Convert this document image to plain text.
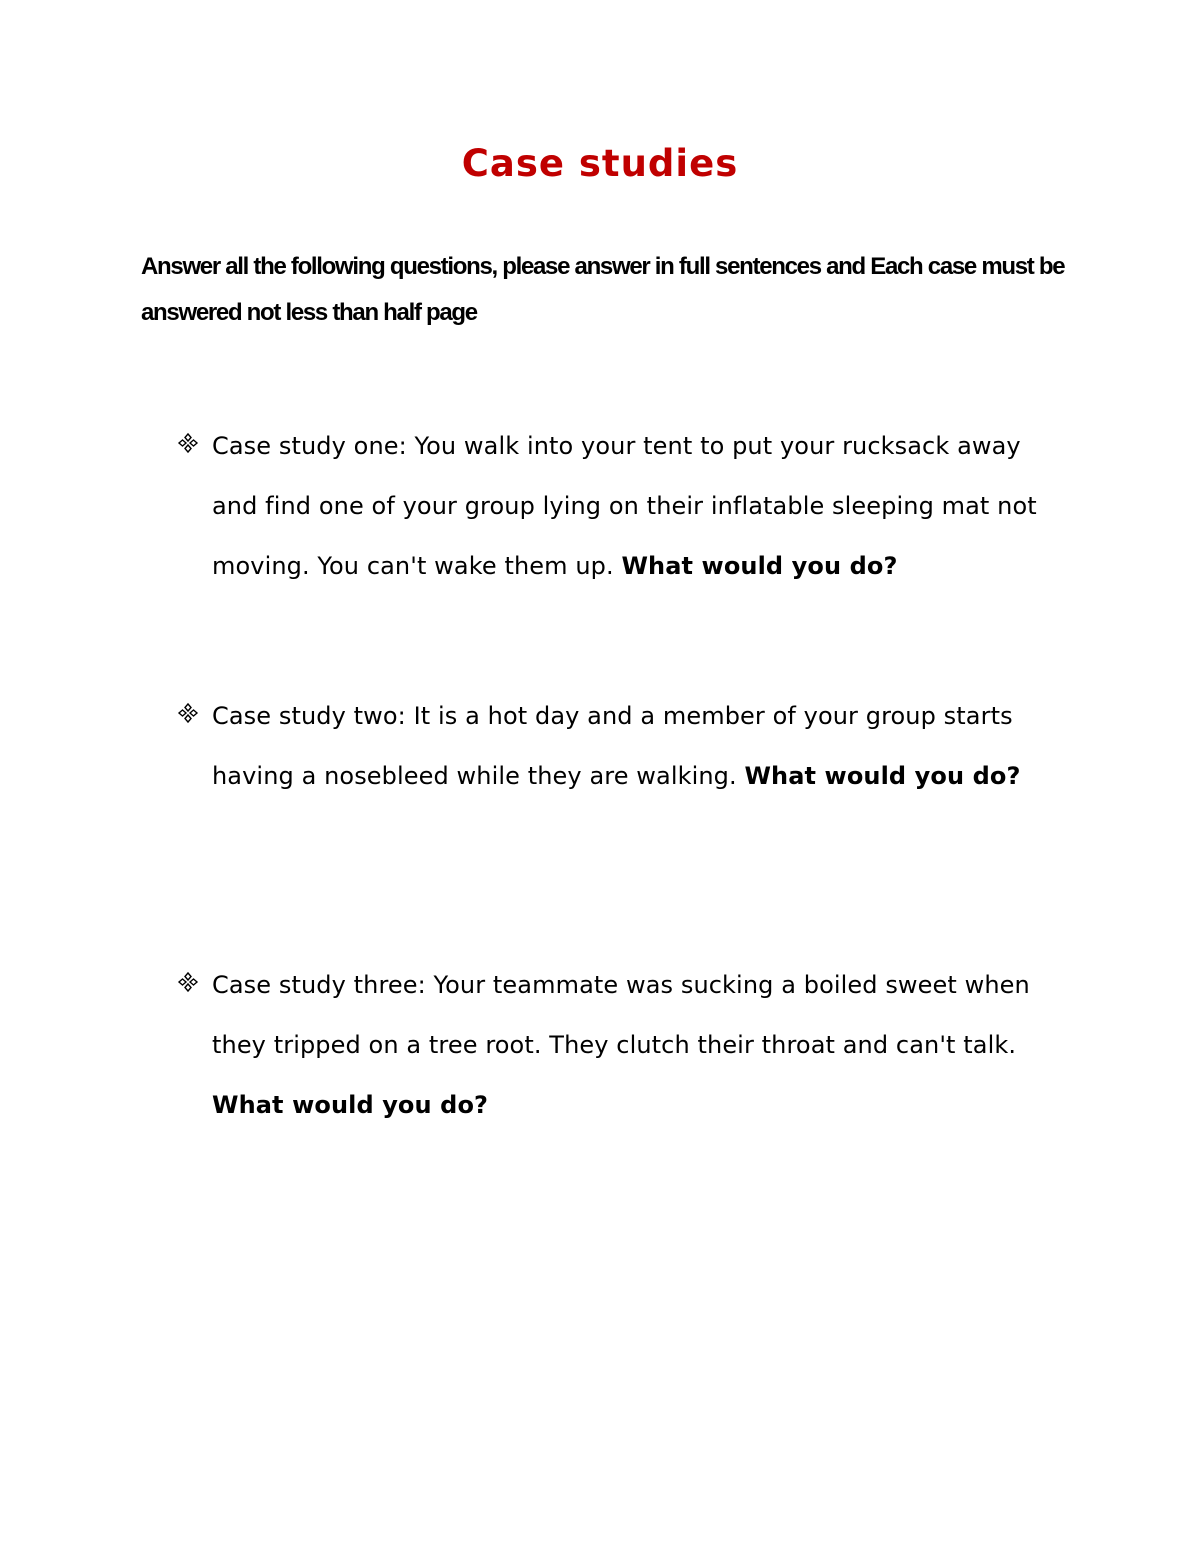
Case studies
Answer all the following questions, please answer in full sentences and Each case must be answered not less than half page
Case study one: You walk into your tent to put your rucksack away and find one of your group lying on their inflatable sleeping mat not moving. You can't wake them up. What would you do?
Case study two: It is a hot day and a member of your group starts having a nosebleed while they are walking. What would you do?
Case study three: Your teammate was sucking a boiled sweet when they tripped on a tree root. They clutch their throat and can't talk. What would you do?
